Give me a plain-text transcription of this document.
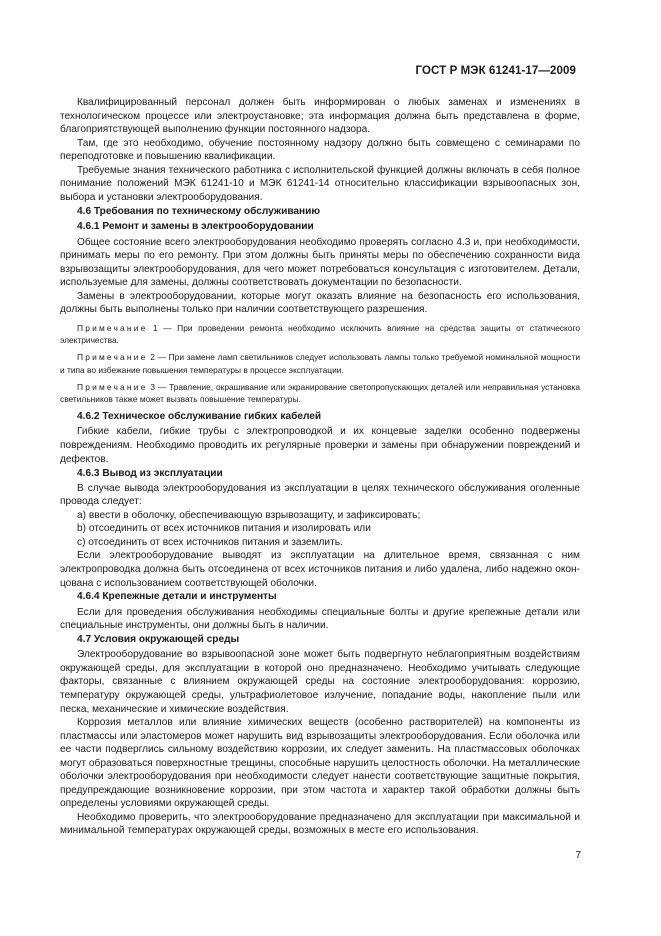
ГОСТ Р МЭК 61241-17—2009

Квалифицированный персонал должен быть информирован о любых заменах и изменениях в технологическом процессе или электроустановке; эта информация должна быть представлена в форме, благоприятствующей выполнению функции постоянного надзора.

Там, где это необходимо, обучение постоянному надзору должно быть совмещено с семинарами по переподготовке и повышению квалификации.

Требуемые знания технического работника с исполнительской функцией должны включать в себя полное понимание положений МЭК 61241-10 и МЭК 61241-14 относительно классификации взрывоопасных зон, выбора и установки электрооборудования.

4.6 Требования по техническому обслуживанию
4.6.1 Ремонт и замены в электрооборудовании

Общее состояние всего электрооборудования необходимо проверять согласно 4.3 и, при необходимости, принимать меры по его ремонту. При этом должны быть приняты меры по обеспечению сохранности вида взрывозащиты электрооборудования, для чего может потребоваться консультация с изготовителем. Детали, используемые для замены, должны соответствовать документации по безопасности.

Замены в электрооборудовании, которые могут оказать влияние на безопасность его использования, должны быть выполнены только при наличии соответствующего разрешения.

Примечание 1 — При проведении ремонта необходимо исключить влияние на средства защиты от статического электричества.

Примечание 2 — При замене ламп светильников следует использовать лампы только требуемой номинальной мощности и типа во избежание повышения температуры в процессе эксплуатации.

Примечание 3 — Травление, окрашивание или экранирование светопропускающих деталей или неправильная установка светильников также может вызвать повышение температуры.

4.6.2 Техническое обслуживание гибких кабелей

Гибкие кабели, гибкие трубы с электропроводкой и их концевые заделки особенно подвержены повреждениям. Необходимо проводить их регулярные проверки и замены при обнаружении повреждений и дефектов.

4.6.3 Вывод из эксплуатации

В случае вывода электрооборудования из эксплуатации в целях технического обслуживания оголенные провода следует:

а) ввести в оболочку, обеспечивающую взрывозащиту, и зафиксировать;

b) отсоединить от всех источников питания и изолировать или

c) отсоединить от всех источников питания и заземлить.

Если электрооборудование выводят из эксплуатации на длительное время, связанная с ним электропроводка должна быть отсоединена от всех источников питания и либо удалена, либо надежно оконцована с использованием соответствующей оболочки.

4.6.4 Крепежные детали и инструменты

Если для проведения обслуживания необходимы специальные болты и другие крепежные детали или специальные инструменты, они должны быть в наличии.

4.7 Условия окружающей среды

Электрооборудование во взрывоопасной зоне может быть подвергнуто неблагоприятным воздействиям окружающей среды, для эксплуатации в которой оно предназначено. Необходимо учитывать следующие факторы, связанные с влиянием окружающей среды на состояние электрооборудования: коррозию, температуру окружающей среды, ультрафиолетовое излучение, попадание воды, накопление пыли или песка, механические и химические воздействия.

Коррозия металлов или влияние химических веществ (особенно растворителей) на компоненты из пластмассы или эластомеров может нарушить вид взрывозащиты электрооборудования. Если оболочка или ее части подверглись сильному воздействию коррозии, их следует заменить. На пластмассовых оболочках могут образоваться поверхностные трещины, способные нарушить целостность оболочки. На металлические оболочки электрооборудования при необходимости следует нанести соответствующие защитные покрытия, предупреждающие возникновение коррозии, при этом частота и характер такой обработки должны быть определены условиями окружающей среды.

Необходимо проверить, что электрооборудование предназначено для эксплуатации при максимальной и минимальной температурах окружающей среды, возможных в месте его использования.

7
